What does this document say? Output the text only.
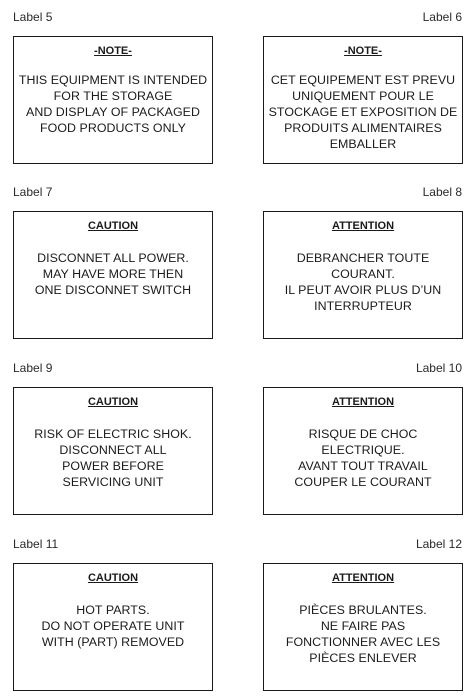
Label 5	Label 6
-NOTE-
THIS EQUIPMENT IS INTENDED
FOR THE STORAGE
AND DISPLAY OF PACKAGED
FOOD PRODUCTS ONLY
-NOTE-
CET EQUIPEMENT EST PREVU
UNIQUEMENT POUR LE
STOCKAGE ET EXPOSITION DE
PRODUITS ALIMENTAIRES
EMBALLER
Label 7	Label 8
CAUTION
DISCONNET ALL POWER.
MAY HAVE MORE THEN
ONE DISCONNET SWITCH
ATTENTION
DEBRANCHER TOUTE
COURANT.
IL PEUT AVOIR PLUS D’UN
INTERRUPTEUR
Label 9	Label 10
CAUTION
RISK OF ELECTRIC SHOK.
DISCONNECT ALL
POWER BEFORE
SERVICING UNIT
ATTENTION
RISQUE DE CHOC
ELECTRIQUE.
AVANT TOUT TRAVAIL
COUPER LE COURANT
Label 11	Label 12
CAUTION
HOT PARTS.
DO NOT OPERATE UNIT
WITH (PART) REMOVED
ATTENTION
PIÈCES BRULANTES.
NE FAIRE PAS
FONCTIONNER AVEC LES
PIÈCES ENLEVER
